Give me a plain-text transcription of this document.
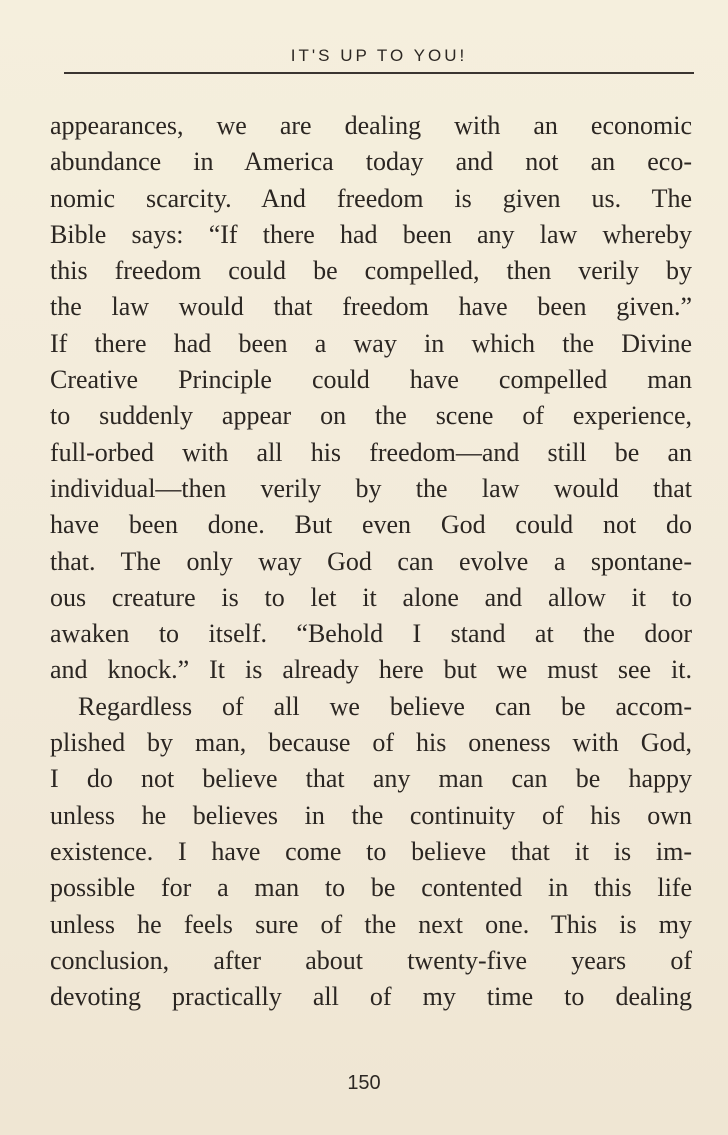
IT'S UP TO YOU!
appearances, we are dealing with an economic
abundance in America today and not an eco-
nomic scarcity. And freedom is given us. The
Bible says: “If there had been any law whereby
this freedom could be compelled, then verily by
the law would that freedom have been given.”
If there had been a way in which the Divine
Creative Principle could have compelled man
to suddenly appear on the scene of experience,
full-orbed with all his freedom—and still be an
individual—then verily by the law would that
have been done. But even God could not do
that. The only way God can evolve a spontane-
ous creature is to let it alone and allow it to
awaken to itself. “Behold I stand at the door
and knock.” It is already here but we must see it.
Regardless of all we believe can be accom-
plished by man, because of his oneness with God,
I do not believe that any man can be happy
unless he believes in the continuity of his own
existence. I have come to believe that it is im-
possible for a man to be contented in this life
unless he feels sure of the next one. This is my
conclusion, after about twenty-five years of
devoting practically all of my time to dealing
150
